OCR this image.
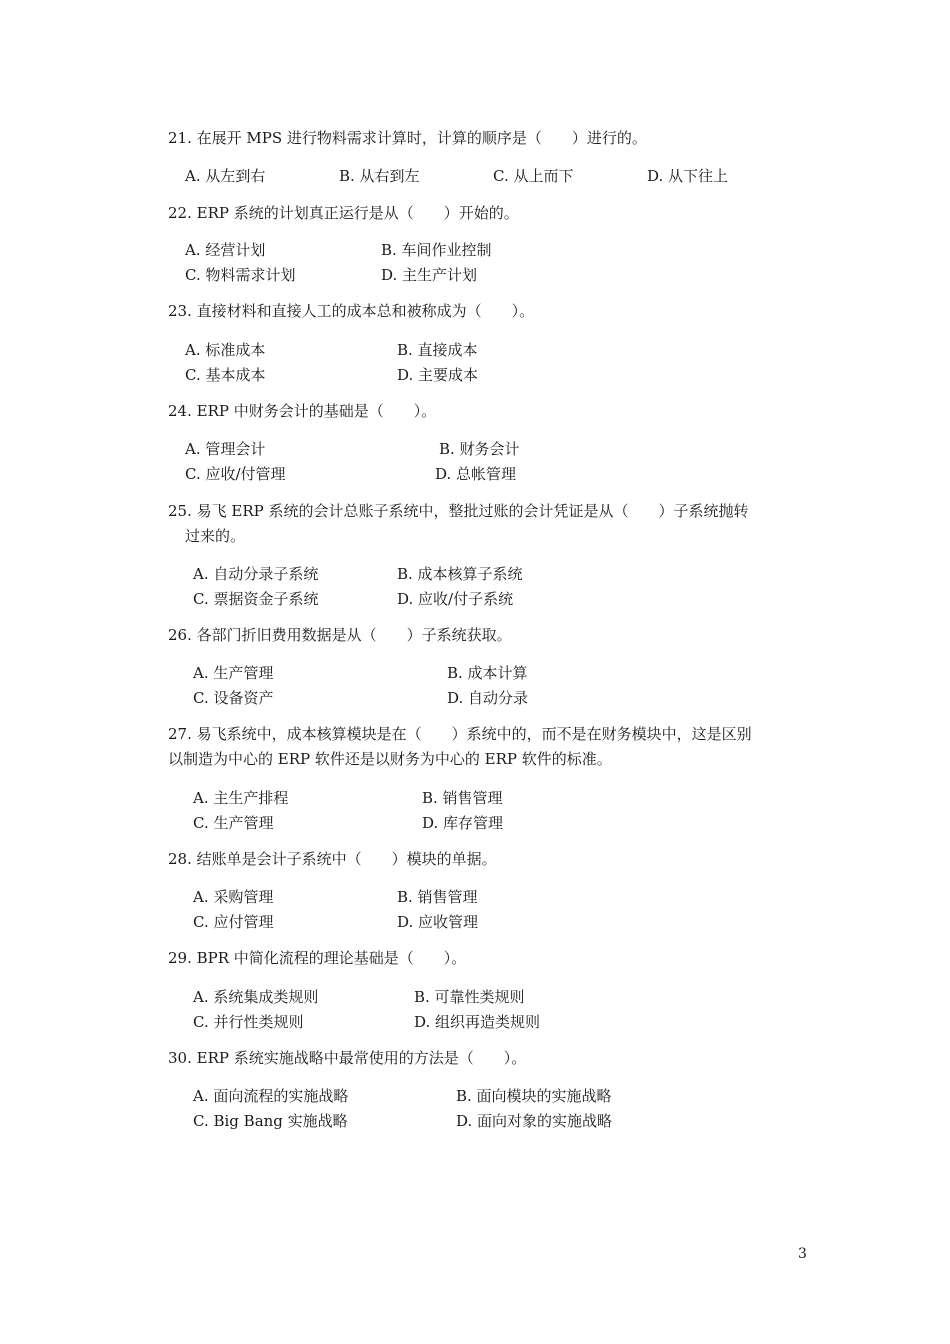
21. 在展开 MPS 进行物料需求计算时，计算的顺序是（　　）进行的。
A. 从左到右	B. 从右到左	C. 从上而下	D. 从下往上
22. ERP 系统的计划真正运行是从（　　）开始的。
A. 经营计划	B. 车间作业控制
C. 物料需求计划	D. 主生产计划
23. 直接材料和直接人工的成本总和被称成为（　　）。
A. 标准成本	B. 直接成本
C. 基本成本	D. 主要成本
24. ERP 中财务会计的基础是（　　）。
A. 管理会计	B. 财务会计
C. 应收/付管理	D. 总帐管理
25. 易飞 ERP 系统的会计总账子系统中，整批过账的会计凭证是从（　　）子系统抛转
过来的。
A. 自动分录子系统	B. 成本核算子系统
C. 票据资金子系统	D. 应收/付子系统
26. 各部门折旧费用数据是从（　　）子系统获取。
A. 生产管理	B. 成本计算
C. 设备资产	D. 自动分录
27. 易飞系统中，成本核算模块是在（　　）系统中的，而不是在财务模块中，这是区别
以制造为中心的 ERP 软件还是以财务为中心的 ERP 软件的标准。
A. 主生产排程	B. 销售管理
C. 生产管理	D. 库存管理
28. 结账单是会计子系统中（　　）模块的单据。
A. 采购管理	B. 销售管理
C. 应付管理	D. 应收管理
29. BPR 中简化流程的理论基础是（　　）。
A. 系统集成类规则	B. 可靠性类规则
C. 并行性类规则	D. 组织再造类规则
30. ERP 系统实施战略中最常使用的方法是（　　）。
A. 面向流程的实施战略	B. 面向模块的实施战略
C. Big Bang 实施战略	D. 面向对象的实施战略
3
